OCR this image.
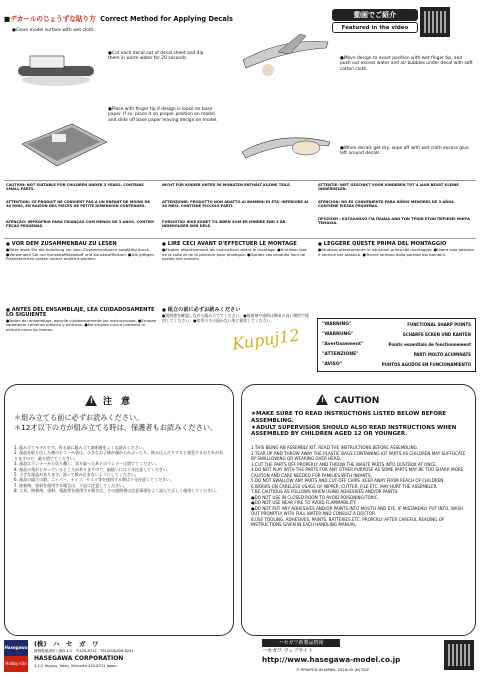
■デカールのじょうずな貼り方 Correct Method for Applying Decals	動画でご紹介
Featured in the video
●Clean model surface with wet cloth.
●Cut each decal out of decal sheet and dip them in warm water for 20 seconds.
●Place with finger tip if design is loose on base paper. If so, place it on proper position on model and slide off base paper leaving design on model.
●Move design to exact position with wet finger tip, and push out excess water and air bubbles under decal with soft cotton cloth.
●When decals get dry, wipe off with wet cloth excess glue left around decals.
CAUTION: NOT SUITABLE FOR CHILDREN UNDER 3 YEARS. CONTAINS SMALL PARTS.
NICHT FÜR KINDER UNTER 36 MONATEN ENTHÄLT KLEINE TEILE.	ATTENTIE: NIET GESCHIKT VOOR KINDEREN TOT 4 JAAR BEVAT KLEINE ONDERDELEN.
ATTENTION: CE PRODUIT NE CONVIENT PAS A UN ENFANT DE MOINS DE 36 MOIS, EN RAISON DES PIECES DE PETITE DIMENSION CONTENUES.
ATTENZIONE: PRODOTTO NON ADATTO AI BAMBINI DI ETA' INFERIORE AI 36 MESI. CONTIENE PICCOLE PARTI.
ATENCION: NO ES CONVENIENTE PARA NIÑOS MENORES DE 3 AÑOS. CONTIENE PIEZAS PEQUEÑAS.
ATENÇÃO: IMPRÓPRIO PARA CRIANÇAS COM MENOS DE 3 ANOS. CONTEM PEÇAS PEQUENAS.
FORSIGTIG! IKKE EGNET TIL BØRN SOM ER MINDRE END 3 ÅR. INDEHOLDER SMÅ DELE.
ΠΡΟΣΟΧΗ : ΚΑΤΑΛΛΗΛΟ ΓΙΑ ΠΑΙΔΙΑ ΑΝΩ ΤΩΝ ΤΡΙΩΝ ΕΤΩΝ ΠΕΡΙΕΧΕΙ ΜΙΚΡΑ ΤΕΜΑΧΙΑ.
■ VOR DEM ZUSAMMENBAU ZU LESEN
●Bitte lesen Sie die Anleitung vor dem Zusammenbauen sorgfältig durch. ●Verwenden Sie nur Kunststoffklebstoff und Kunststofffarben. ●Die giftigen Plastikteilchen sollten vorher entfernt werden.
■ LIRE CECI AVANT D'EFFECTUER LE MONTAGE
●Etudier attentivement les instructions avant le montage. ●N'utiliser que de la colle et de la peinture pour plastique. ●Gardez ces produits hors de portée des enfants.
■ LEGGERE QUESTE PRIMA DEL MONTAGGIO
●Studiare attentamente le istruzioni prima del montaggio. ●Usare solo adesivo e vernice per plastica. ●Tenere lontano dalla portata dei bambini.
■ ANTES DEL ENSAMBLAJE, LEA CUIDADOSAMENTE LO SIGUIENTE
●Antes del ensamblaje, estudie cuidadosamente las instrucciones. ●Emplee solamente cemento plástico y pinturas. ●No emplee nunca cemento ni pintura cerca de llamas.
■ 組立の前に必ずお読みください
●説明書を確認しながら組み立ててください。●接着剤や塗料は換気の良い場所で使用してください。●幼児の手の届かない所に保管してください。
"WARNING"	FUNCTIONAL SHARP POINTS
"WARNUNG"	SCHARFE ECKEN UND KANTEN
"Avertissement"	Points essentials de fonctionnement
"ATTENZIONE"	PARTI MOLTO ACUMINATE
"AVISO"	PUNTOS AGUDOS EN FUNCIONAMIENTO
Kupuj12
!注　意
＊組み立てる前に必ずお読みください。
＊12才以下の方が組み立てる時は、保護者もお読みください。
1. 組み立てモデルです。作る前に組み立て説明書をよくお読みください。
2. 部品を取り出した後のビニール袋は、小さなお子様が頭からかぶったり、飲み込んだりすると窒息するおそれがありますので、破り捨ててください。
3. 部品はランナーから切り離し、切り取ったあとのランナーは捨ててください。
4. 部品の角がとがっているところがありますので、取扱いには十分注意してください。
5. 小さな部品があります。誤って飲み込まないようにしてください。
6. 部品の組立の際、ニッパー、ナイフ、ヤスリ等を使用する時は十分注意してください。
7. 接着剤、塗料を使用する場合は、下記に注意してください。
8. 工具、接着剤、塗料、電池等を使用する場合は、その説明書の注意事項をよく読んで正しく使用してください。
!CAUTION
★MAKE SURE TO READ INSTRUCTIONS LISTED BELOW BEFORE ASSEMBLING.
★ADULT SUPERVISIOR SHOULD ALSO READ INSTRUCTIONS WHEN ASSEMBLED BY CHILDREN AGED 12 OR YOUNGER.
1.THIS BEING AN ASSEMBLY KIT, READ THE INSTRUCTIONS BEFORE ASSEMBLING.
2.TEAR UP AND THROW AWAY THE PLASTIC BAGS CONTAINING KIT PARTS AS CHILDREN MAY SUFFOCATE BY SWALLOWING OR WEARING OVER HEAD.
3.CUT THE PARTS OFF PROPERLY AND THROW THE WASTE PARTS INTO DUSTBOX AT ONCE.
4.DO NOT PLAY WITH THE PARTS FOR ANY OTHER PURPOSE AS SOME PARTS MAY BE TOO SHARP. MORE CAUTION AND CARE NEEDED FOR FAMILIES WITH INFANTS.
5.DO NOT SWALLOW ANY PARTS AND CUT-OFF CHIPS. KEEP AWAY FROM REACH OF CHILDREN.
6.WORKS ON CARELESS USAGE OF NIPPER, CUTTER, FILE ETC. MAY HURT THE ASSEMBLER.
7.BE CAUTIOUS AS FOLLOWS WHEN USING ADHESIVES AND/OR PAINTS:
●DO NOT USE IN CLOSED ROOM TO AVOID POISONING/TOXIC.
●DO NOT USE NEAR FIRE TO AVOID FLAMMABILITY.
●DO NOT PUT ANY ADHESIVES AND/OR PAINTS INTO MOUTH AND EYE. IF MISTAKENLY PUT INTO, WASH OUT PROMPTLY WITH FULL WATER AND CONSULT A DOCTOR.
8.USE TOOLING, ADHESIVES, PAINTS, BATTERIES ETC. PROPERLY AFTER CAREFUL READING OF INSTRUCTIONS GIVEN IN EACH HANDLING MANUAL.
Hasegawa
Hobby kits
(株)　ハ　セ　ガ　ワ
静岡県焼津市八楠3-1-2　〒425-8711　TEL(054)628-8241
HASEGAWA CORPORATION
3-1-2 Yagusu, Yaizu, Shizuoka 425-8711 Japan.
ハセガワ新製品情報
ハセガワ ウェブサイト
http://www.hasegawa-model.co.jp
© PRINTED IN JAPAN. 2018.05 (N) SUZ
